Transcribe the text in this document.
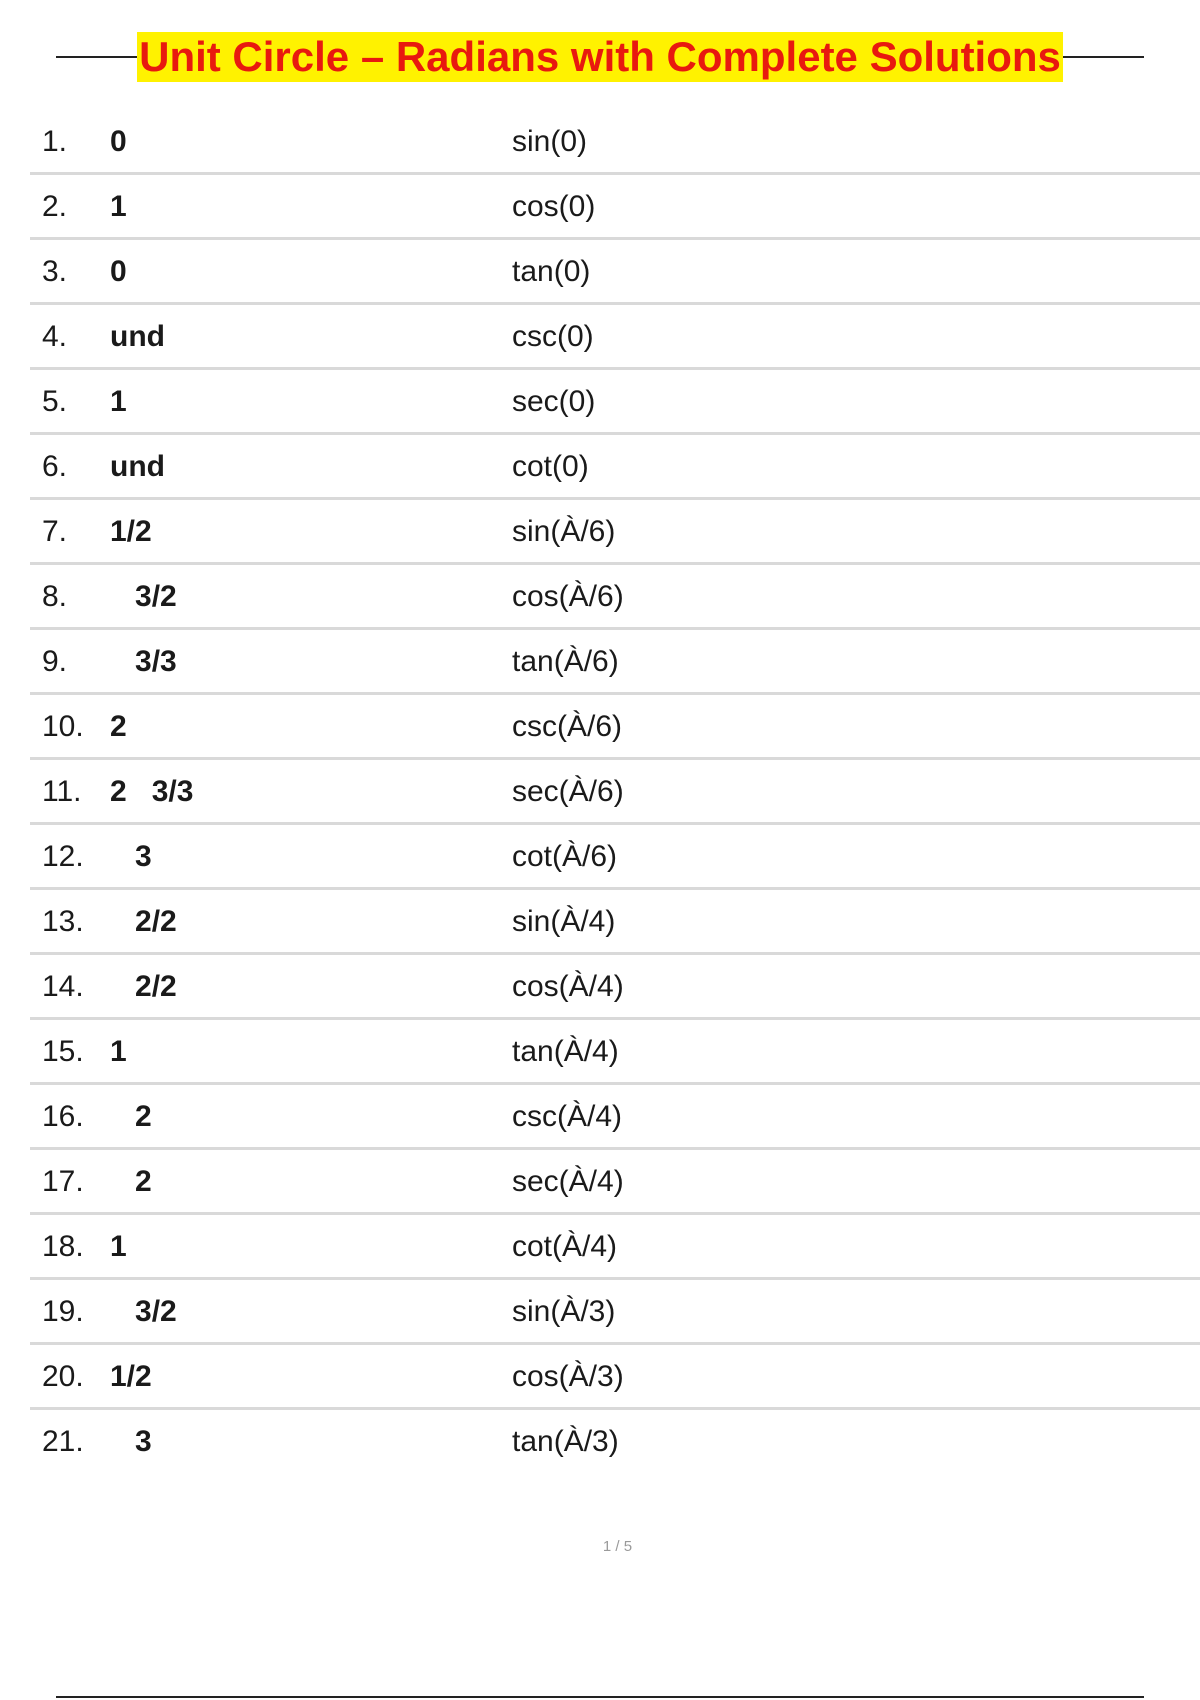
Unit Circle – Radians with Complete Solutions
1. 0	sin(0)
2. 1	cos(0)
3. 0	tan(0)
4. und	csc(0)
5. 1	sec(0)
6. und	cot(0)
7. 1/2	sin(À/6)
8. 3/2	cos(À/6)
9. 3/3	tan(À/6)
10. 2	csc(À/6)
11. 2   3/3	sec(À/6)
12. 3	cot(À/6)
13. 2/2	sin(À/4)
14. 2/2	cos(À/4)
15. 1	tan(À/4)
16. 2	csc(À/4)
17. 2	sec(À/4)
18. 1	cot(À/4)
19. 3/2	sin(À/3)
20. 1/2	cos(À/3)
21. 3	tan(À/3)
1 / 5
